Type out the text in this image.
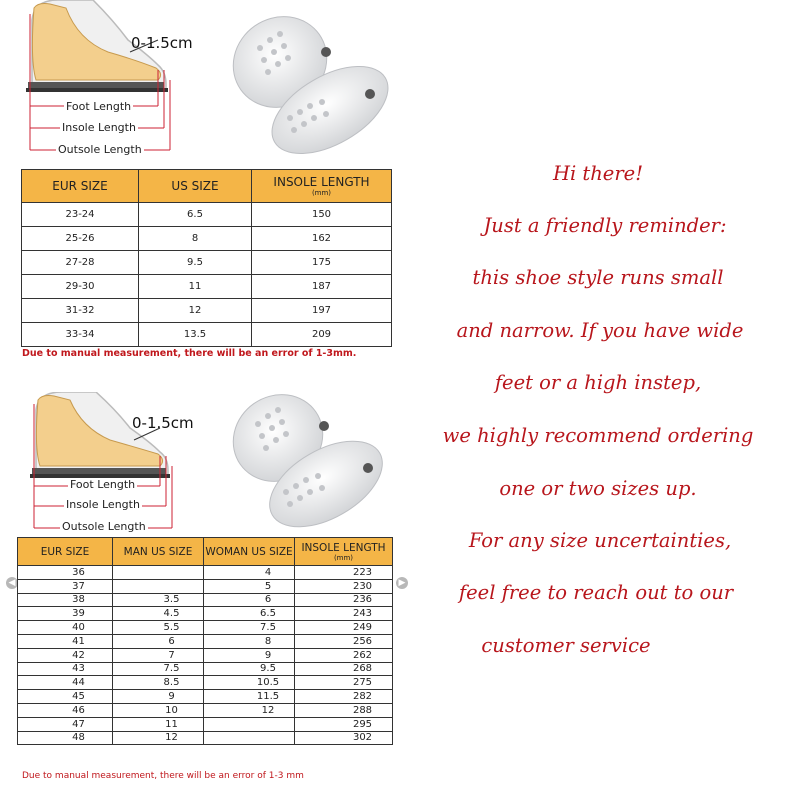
0-1.5cm
Foot Length
Insole Length
Outsole Length
EUR SIZE	US SIZE	INSOLE LENGTH
(mm)

23-24	6.5	150
25-26	8	162
27-28	9.5	175
29-30	11	187
31-32	12	197
33-34	13.5	209
Due to manual measurement, there will be an error of 1-3mm.
0-1.5cm
Foot Length
Insole Length
Outsole Length
◀	▶
EUR SIZE	MAN US SIZE	WOMAN US SIZE	INSOLE LENGTH
(mm)

36		4	223
37		5	230
38	3.5	6	236
39	4.5	6.5	243
40	5.5	7.5	249
41	6	8	256
42	7	9	262
43	7.5	9.5	268
44	8.5	10.5	275
45	9	11.5	282
46	10	12	288
47	11		295
48	12		302
Due to manual measurement, there will be an error of 1-3 mm
Hi there!
Just a friendly reminder:
this shoe style runs small
and narrow. If you have wide
feet or a high instep,
we highly recommend ordering
one or two sizes up.
For any size uncertainties,
feel free to reach out to our
customer service
